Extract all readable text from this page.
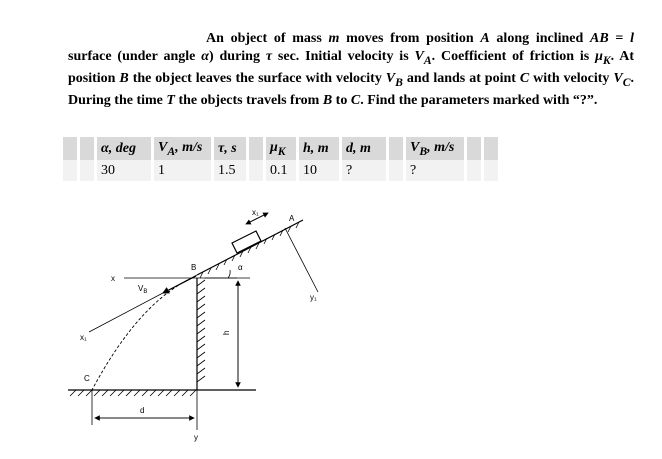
An object of mass m moves from position A along inclined AB = l surface (under angle α) during τ sec. Initial velocity is $V_A$. Coefficient of friction is $\mu_K$. At position B the object leaves the surface with velocity $V_B$ and lands at point C with velocity $V_C$. During the time T the objects travels from B to C. Find the parameters marked with “?”.
				α, deg		$V_A$, m/s		τ, s				$\mu_K$		h, m		d, m				$V_B$, m/s				
				30		1		1.5				0.1		10		?				?				
x₁
A
y₁
x₁
$V_B$
x
B	α
y
h
C
d
